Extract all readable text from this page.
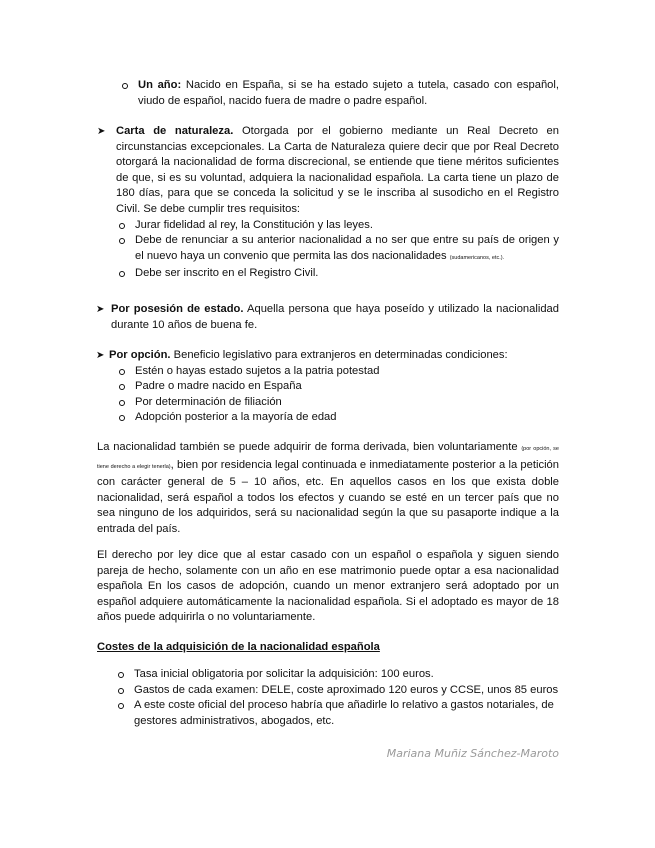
Un año: Nacido en España, si se ha estado sujeto a tutela, casado con español, viudo de español, nacido fuera de madre o padre español.
➤ Carta de naturaleza. Otorgada por el gobierno mediante un Real Decreto en circunstancias excepcionales. La Carta de Naturaleza quiere decir que por Real Decreto otorgará la nacionalidad de forma discrecional, se entiende que tiene méritos suficientes de que, si es su voluntad, adquiera la nacionalidad española. La carta tiene un plazo de 180 días, para que se conceda la solicitud y se le inscriba al susodicho en el Registro Civil. Se debe cumplir tres requisitos:

Jurar fidelidad al rey, la Constitución y las leyes.
Debe de renunciar a su anterior nacionalidad a no ser que entre su país de origen y el nuevo haya un convenio que permita las dos nacionalidades (sudamericanos, etc.).
Debe ser inscrito en el Registro Civil.
➤ Por posesión de estado. Aquella persona que haya poseído y utilizado la nacionalidad durante 10 años de buena fe.

➤ Por opción. Beneficio legislativo para extranjeros en determinadas condiciones:

Estén o hayas estado sujetos a la patria potestad
Padre o madre nacido en España
Por determinación de filiación
Adopción posterior a la mayoría de edad

La nacionalidad también se puede adquirir de forma derivada, bien voluntariamente (por opción, se tiene derecho a elegir tenerla), bien por residencia legal continuada e inmediatamente posterior a la petición con carácter general de 5 – 10 años, etc. En aquellos casos en los que exista doble nacionalidad, será español a todos los efectos y cuando se esté en un tercer país que no sea ninguno de los adquiridos, será su nacionalidad según la que su pasaporte indique a la entrada del país.

El derecho por ley dice que al estar casado con un español o española y siguen siendo pareja de hecho, solamente con un año en ese matrimonio puede optar a esa nacionalidad española En los casos de adopción, cuando un menor extranjero será adoptado por un español adquiere automáticamente la nacionalidad española. Si el adoptado es mayor de 18 años puede adquirirla o no voluntariamente.

Costes de la adquisición de la nacionalidad española

Tasa inicial obligatoria por solicitar la adquisición: 100 euros.
Gastos de cada examen: DELE, coste aproximado 120 euros y CCSE, unos 85 euros
A este coste oficial del proceso habría que añadirle lo relativo a gastos notariales, de gestores administrativos, abogados, etc.
Mariana Muñiz Sánchez-Maroto
